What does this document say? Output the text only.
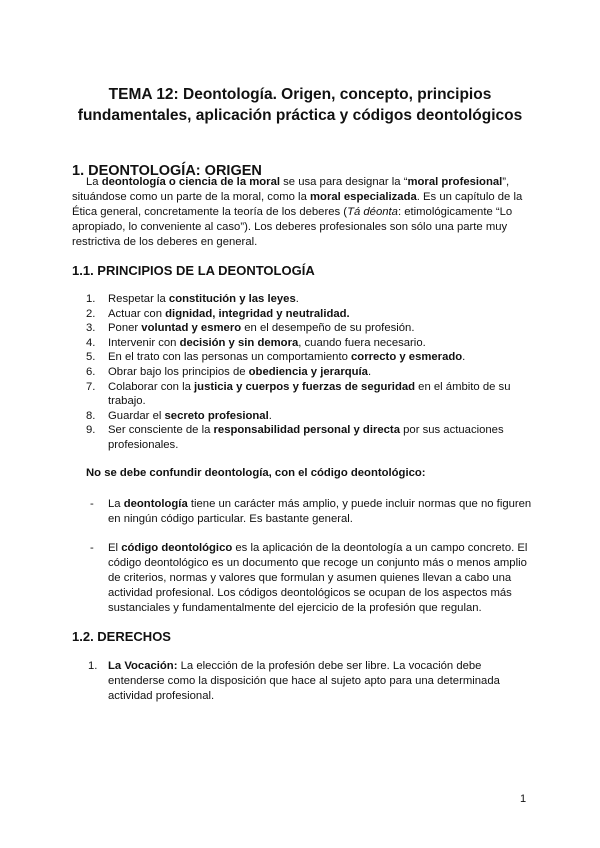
TEMA 12: Deontología. Origen, concepto, principios fundamentales, aplicación práctica y códigos deontológicos
1. DEONTOLOGÍA: ORIGEN
La deontología o ciencia de la moral se usa para designar la “moral profesional”, situándose como un parte de la moral, como la moral especializada. Es un capítulo de la Ética general, concretamente la teoría de los deberes (Tá déonta: etimológicamente “Lo apropiado, lo conveniente al caso”). Los deberes profesionales son sólo una parte muy restrictiva de los deberes en general.
1.1. PRINCIPIOS DE LA DEONTOLOGÍA
1. Respetar la constitución y las leyes.
2. Actuar con dignidad, integridad y neutralidad.
3. Poner voluntad y esmero en el desempeño de su profesión.
4. Intervenir con decisión y sin demora, cuando fuera necesario.
5. En el trato con las personas un comportamiento correcto y esmerado.
6. Obrar bajo los principios de obediencia y jerarquía.
7. Colaborar con la justicia y cuerpos y fuerzas de seguridad en el ámbito de su trabajo.
8. Guardar el secreto profesional.
9. Ser consciente de la responsabilidad personal y directa por sus actuaciones profesionales.
No se debe confundir deontología, con el código deontológico:
- La deontología tiene un carácter más amplio, y puede incluir normas que no figuren en ningún código particular. Es bastante general.
- El código deontológico es la aplicación de la deontología a un campo concreto. El código deontológico es un documento que recoge un conjunto más o menos amplio de criterios, normas y valores que formulan y asumen quienes llevan a cabo una actividad profesional. Los códigos deontológicos se ocupan de los aspectos más sustanciales y fundamentalmente del ejercicio de la profesión que regulan.
1.2. DERECHOS
1. La Vocación: La elección de la profesión debe ser libre. La vocación debe entenderse como la disposición que hace al sujeto apto para una determinada actividad profesional.
1
